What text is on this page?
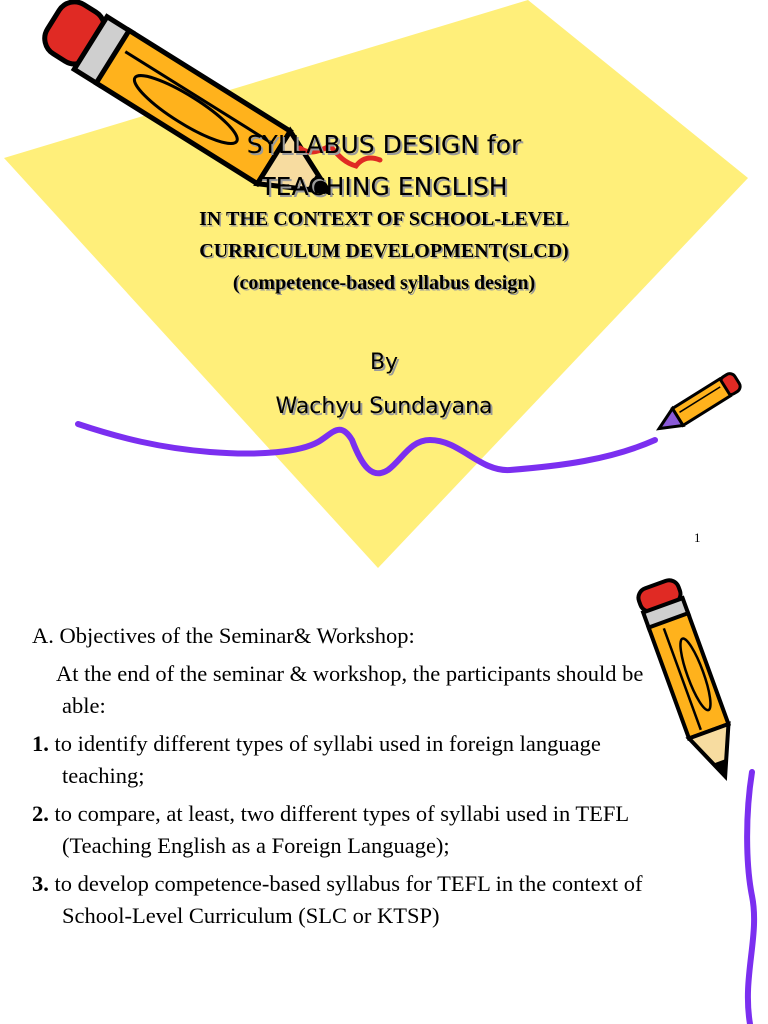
SYLLABUS DESIGN for
TEACHING ENGLISH
IN THE CONTEXT OF SCHOOL-LEVEL
CURRICULUM DEVELOPMENT(SLCD)
(competence-based syllabus design)
By
Wachyu Sundayana
1

A. Objectives of the Seminar& Workshop:

At the end of the seminar & workshop, the participants should be able:

1. to identify different types of syllabi used in foreign language teaching;

2. to compare, at least, two different types of syllabi used in TEFL (Teaching English as a Foreign Language);

3. to develop competence-based syllabus for TEFL in the context of School-Level Curriculum (SLC or KTSP)
